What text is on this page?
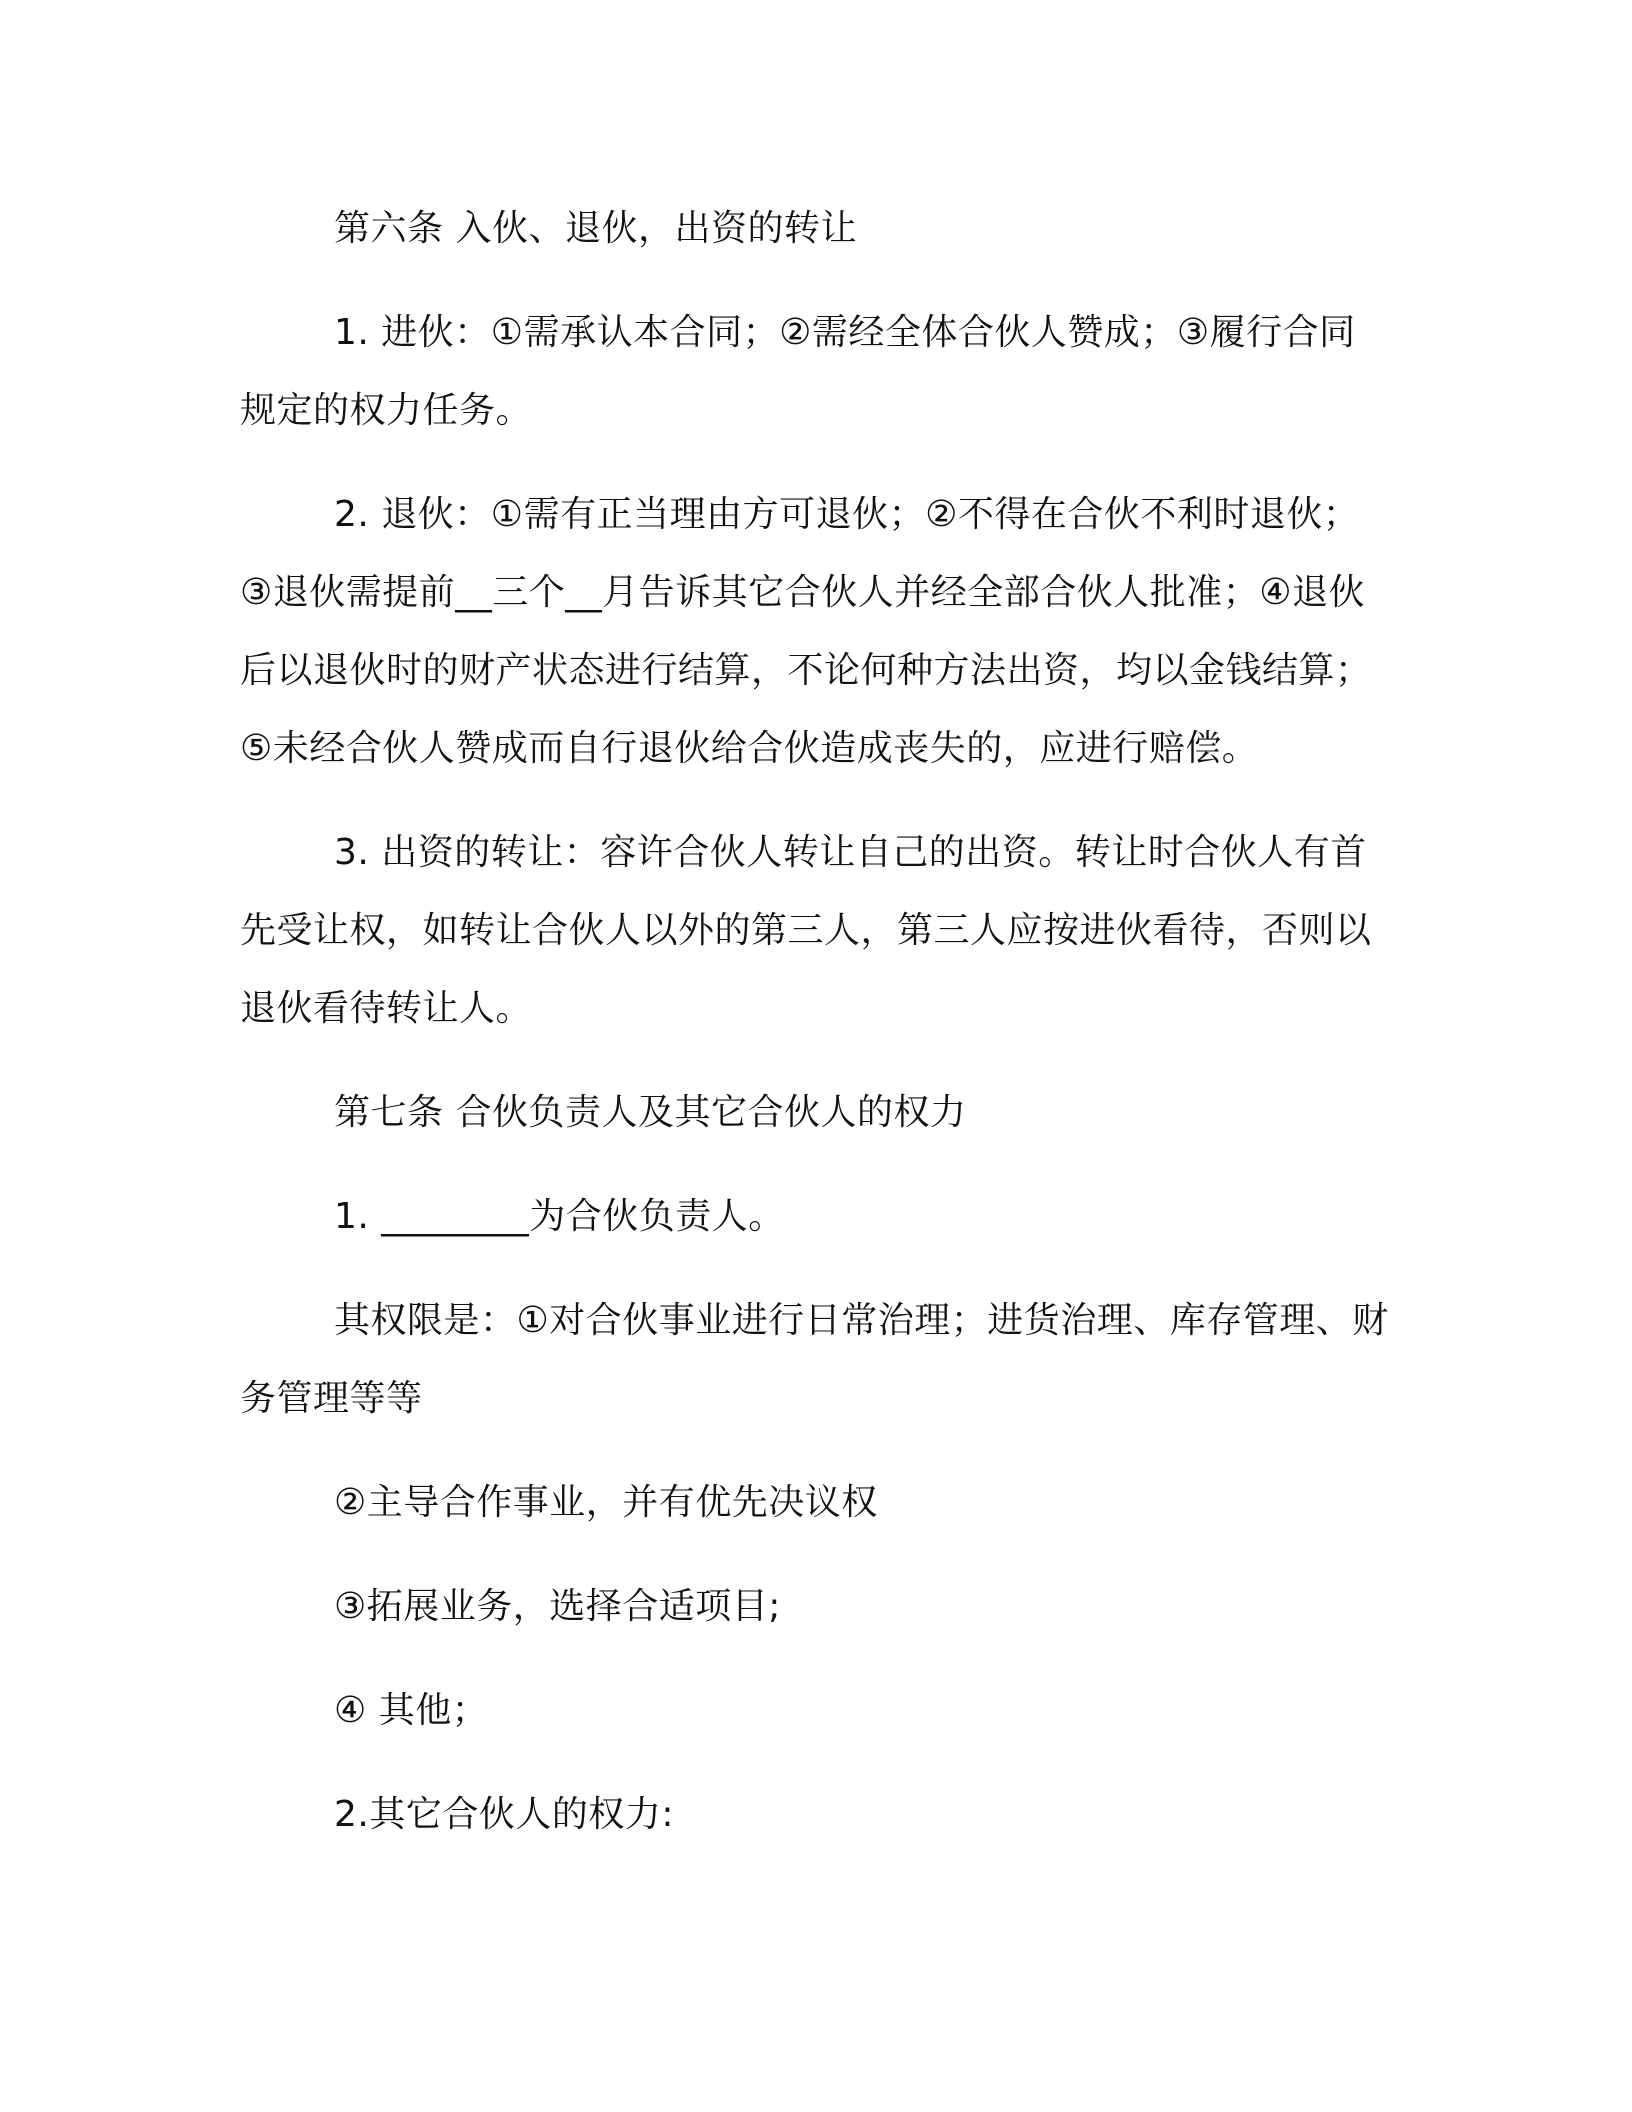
第六条 入伙、退伙，出资的转让

1. 进伙：①需承认本合同；②需经全体合伙人赞成；③履行合同规定的权力任务。

2. 退伙：①需有正当理由方可退伙；②不得在合伙不利时退伙；③退伙需提前__三个__月告诉其它合伙人并经全部合伙人批准；④退伙后以退伙时的财产状态进行结算，不论何种方法出资，均以金钱结算；⑤未经合伙人赞成而自行退伙给合伙造成丧失的，应进行赔偿。

3. 出资的转让：容许合伙人转让自己的出资。转让时合伙人有首先受让权，如转让合伙人以外的第三人，第三人应按进伙看待，否则以退伙看待转让人。

第七条 合伙负责人及其它合伙人的权力

1. ________为合伙负责人。

其权限是：①对合伙事业进行日常治理；进货治理、库存管理、财务管理等等

②主导合作事业，并有优先决议权

③拓展业务，选择合适项目;

④ 其他；

2.其它合伙人的权力:
